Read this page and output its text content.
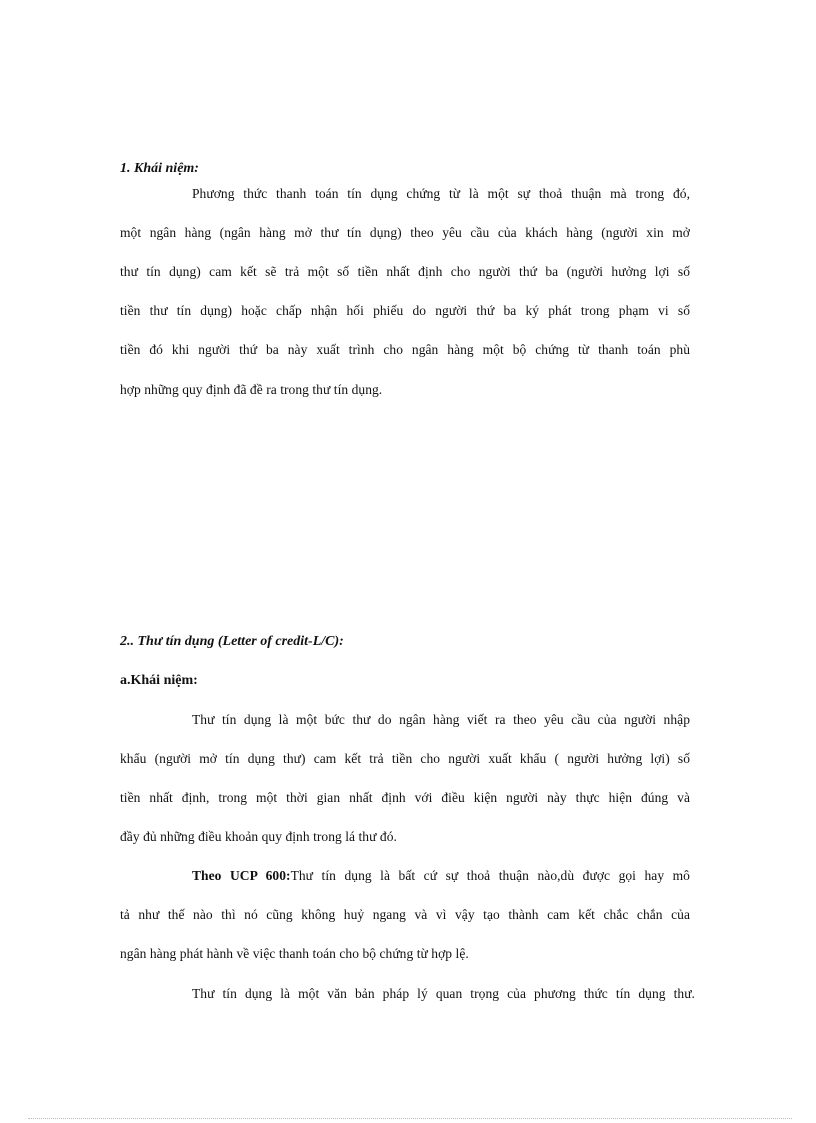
1. Khái niệm:
Phương thức thanh toán tín dụng chứng từ là một sự thoả thuận mà trong đó,
một ngân hàng (ngân hàng mở thư tín dụng) theo yêu cầu của khách hàng (người xin mở
thư tín dụng) cam kết sẽ trả một số tiền nhất định cho người thứ ba (người hưởng lợi số
tiền thư tín dụng) hoặc chấp nhận hối phiếu do người thứ ba ký phát trong phạm vi số
tiền đó khi người thứ ba này xuất trình cho ngân hàng một bộ chứng từ thanh toán phù
hợp những quy định đã đề ra trong thư tín dụng.
2.. Thư tín dụng (Letter of credit-L/C):
a.Khái niệm:
Thư tín dụng là một bức thư do ngân hàng viết ra theo yêu cầu của người nhập
khẩu (người mở tín dụng thư) cam kết trả tiền cho người xuất khẩu ( người hưởng lợi) số
tiền nhất định, trong một thời gian nhất định với điều kiện người này thực hiện đúng và
đầy đủ những điều khoản quy định trong lá thư đó.
Theo UCP 600:Thư tín dụng là bất cứ sự thoả thuận nào,dù được gọi hay mô
tả như thế nào thì nó cũng không huỷ ngang và vì vậy tạo thành cam kết chắc chắn của
ngân hàng phát hành về việc thanh toán cho bộ chứng từ hợp lệ.
Thư tín dụng là một văn bản pháp lý quan trọng của phương thức tín dụng thư.
